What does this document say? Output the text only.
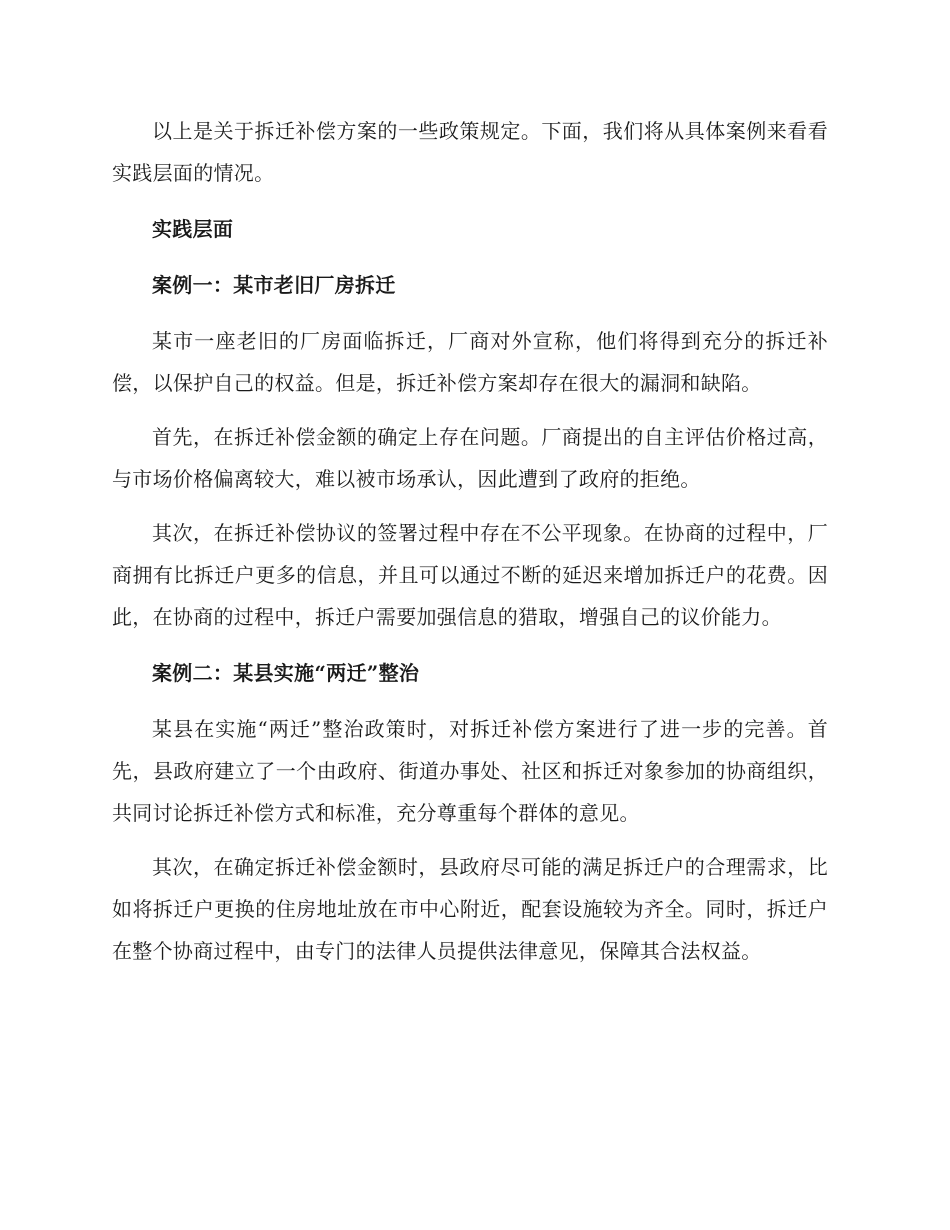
以上是关于拆迁补偿方案的一些政策规定。下面，我们将从具体案例来看看实践层面的情况。

实践层面

案例一：某市老旧厂房拆迁

某市一座老旧的厂房面临拆迁，厂商对外宣称，他们将得到充分的拆迁补偿，以保护自己的权益。但是，拆迁补偿方案却存在很大的漏洞和缺陷。

首先，在拆迁补偿金额的确定上存在问题。厂商提出的自主评估价格过高，与市场价格偏离较大，难以被市场承认，因此遭到了政府的拒绝。

其次，在拆迁补偿协议的签署过程中存在不公平现象。在协商的过程中，厂商拥有比拆迁户更多的信息，并且可以通过不断的延迟来增加拆迁户的花费。因此，在协商的过程中，拆迁户需要加强信息的猎取，增强自己的议价能力。

案例二：某县实施“两迁”整治

某县在实施“两迁”整治政策时，对拆迁补偿方案进行了进一步的完善。首先，县政府建立了一个由政府、街道办事处、社区和拆迁对象参加的协商组织，共同讨论拆迁补偿方式和标准，充分尊重每个群体的意见。

其次，在确定拆迁补偿金额时，县政府尽可能的满足拆迁户的合理需求，比如将拆迁户更换的住房地址放在市中心附近，配套设施较为齐全。同时，拆迁户在整个协商过程中，由专门的法律人员提供法律意见，保障其合法权益。
